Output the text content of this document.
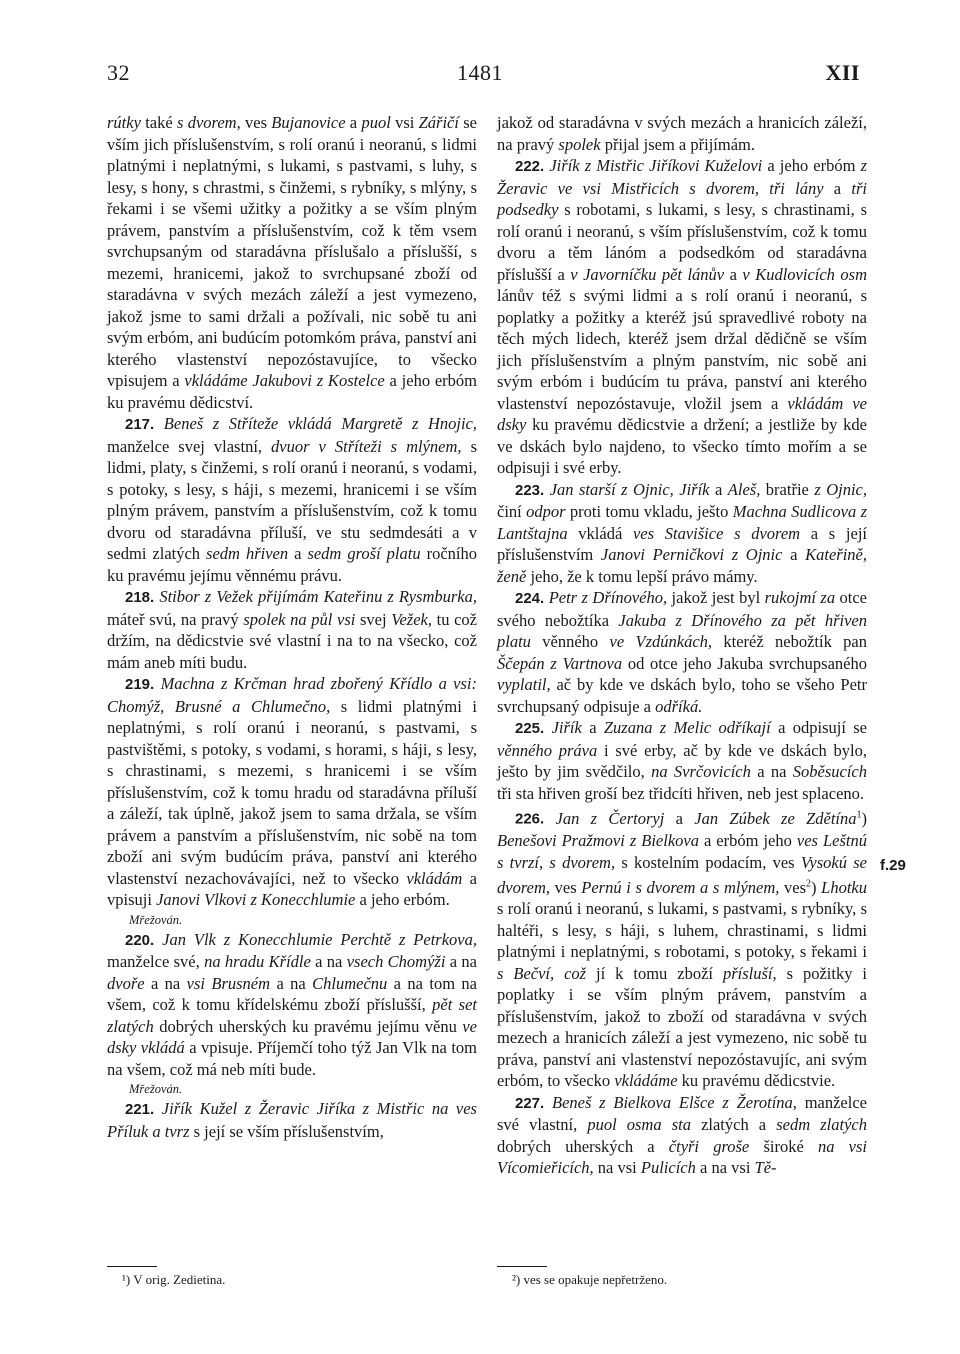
32	1481	XII

rútky také s dvorem, ves Bujanovice a puol vsi Zářičí se vším jich příslušenstvím, s rolí oranú i neoranú, s lidmi platnými i neplatnými, s lukami, s pastvami, s luhy, s lesy, s hony, s chrastmi, s činžemi, s rybníky, s mlýny, s řekami i se všemi užitky a požitky a se vším plným právem, panstvím a příslušenstvím, což k těm vsem svrchupsaným od staradávna příslušalo a příslušší, s mezemi, hranicemi, jakož to svrchupsané zboží od staradávna v svých mezách záleží a jest vymezeno, jakož jsme to sami držali a požívali, nic sobě tu ani svým erbóm, ani budúcím potomkóm práva, panství ani kterého vlastenství nepozóstavujíce, to všecko vpisujem a vkládáme Jakubovi z Kostelce a jeho erbóm ku pravému dědicství.

217. Beneš z Stříteže vkládá Margretě z Hnojic, manželce svej vlastní, dvuor v Stříteži s mlýnem, s lidmi, platy, s činžemi, s rolí oranú i neoranú, s vodami, s potoky, s lesy, s háji, s mezemi, hranicemi i se vším plným právem, panstvím a příslušenstvím, což k tomu dvoru od staradávna příluší, ve stu sedmdesáti a v sedmi zlatých sedm hřiven a sedm groší platu ročního ku pravému jejímu věnnému právu.

218. Stibor z Vežek přijímám Kateřinu z Rysmburka, máteř svú, na pravý spolek na půl vsi svej Vežek, tu což držím, na dědicstvie své vlastní i na to na všecko, což mám aneb míti budu.

219. Machna z Krčman hrad zbořený Křídlo a vsi: Chomýž, Brusné a Chlumečno, s lidmi platnými i neplatnými, s rolí oranú i neoranú, s pastvami, s pastvištěmi, s potoky, s vodami, s horami, s háji, s lesy, s chrastinami, s mezemi, s hranicemi i se vším příslušenstvím, což k tomu hradu od staradávna příluší a záleží, tak úplně, jakož jsem to sama držala, se vším právem a panstvím a příslušenstvím, nic sobě na tom zboží ani svým budúcím práva, panství ani kterého vlastenství nezachovávajíci, než to všecko vkládám a vpisuji Janovi Vlkovi z Konecchlumie a jeho erbóm.

Mřežován.

220. Jan Vlk z Konecchlumie Perchtě z Petrkova, manželce své, na hradu Křídle a na vsech Chomýži a na dvoře a na vsi Brusném a na Chlumečnu a na tom na všem, což k tomu křídelskému zboží příslušší, pět set zlatých dobrých uherských ku pravému jejímu věnu ve dsky vkládá a vpisuje. Příjemčí toho týž Jan Vlk na tom na všem, což má neb míti bude.

Mřežován.

221. Jiřík Kužel z Žeravic Jiříka z Mistřic na ves Příluk a tvrz s její se vším příslušenstvím,

jakož od staradávna v svých mezách a hranicích záleží, na pravý spolek přijal jsem a přijímám.

222. Jiřík z Mistřic Jiříkovi Kuželovi a jeho erbóm z Žeravic ve vsi Mistřicích s dvorem, tři lány a tři podsedky s robotami, s lukami, s lesy, s chrastinami, s rolí oranú i neoranú, s vším příslušenstvím, což k tomu dvoru a těm lánóm a podsedkóm od staradávna příslušší a v Javorníčku pět lánův a v Kudlovicích osm lánův též s svými lidmi a s rolí oranú i neoranú, s poplatky a požitky a kteréž jsú spravedlivé roboty na těch mých lidech, kteréž jsem držal dědičně se vším jich příslušenstvím a plným panstvím, nic sobě ani svým erbóm i budúcím tu práva, panství ani kterého vlastenství nepozóstavuje, vložil jsem a vkládám ve dsky ku pravému dědicstvie a držení; a jestliže by kde ve dskách bylo najdeno, to všecko tímto mořím a se odpisuji i své erby.

223. Jan starší z Ojnic, Jiřík a Aleš, bratřie z Ojnic, činí odpor proti tomu vkladu, ješto Machna Sudlicova z Lantštajna vkládá ves Stavišice s dvorem a s její příslušenstvím Janovi Perničkovi z Ojnic a Kateřině, ženě jeho, že k tomu lepší právo mámy.

224. Petr z Dřínového, jakož jest byl rukojmí za otce svého nebožtíka Jakuba z Dřínového za pět hřiven platu věnného ve Vzdúnkách, kteréž nebožtík pan Ščepán z Vartnova od otce jeho Jakuba svrchupsaného vyplatil, ač by kde ve dskách bylo, toho se všeho Petr svrchupsaný odpisuje a odříká.

225. Jiřík a Zuzana z Melic odříkají a odpisují se věnného práva i své erby, ač by kde ve dskách bylo, ješto by jim svědčilo, na Svrčovicích a na Soběsucích tři sta hřiven groší bez třidcíti hřiven, neb jest splaceno.

226. Jan z Čertoryj a Jan Zúbek ze Zdětína$^1$) Benešovi Pražmovi z Bielkova a erbóm jeho ves Leštnú s tvrzí, s dvorem, s kostelním podacím, ves Vysokú se dvorem, ves Pernú i s dvorem a s mlýnem, ves$^2$) Lhotku s rolí oranú i neoranú, s lukami, s pastvami, s rybníky, s haltéři, s lesy, s háji, s luhem, chrastinami, s lidmi platnými i neplatnými, s robotami, s potoky, s řekami i s Bečví, což jí k tomu zboží přísluší, s požitky i poplatky i se vším plným právem, panstvím a příslušenstvím, jakož to zboží od staradávna v svých mezech a hranicích záleží a jest vymezeno, nic sobě tu práva, panství ani vlastenství nepozóstavujíc, ani svým erbóm, to všecko vkládáme ku pravému dědicstvie.

227. Beneš z Bielkova Elšce z Žerotína, manželce své vlastní, puol osma sta zlatých a sedm zlatých dobrých uherských a čtyři groše široké na vsi Vícomieřicích, na vsi Pulicích a na vsi Tě-

f.29
¹) V orig. Zedietina.	²) ves se opakuje nepřetrženo.
